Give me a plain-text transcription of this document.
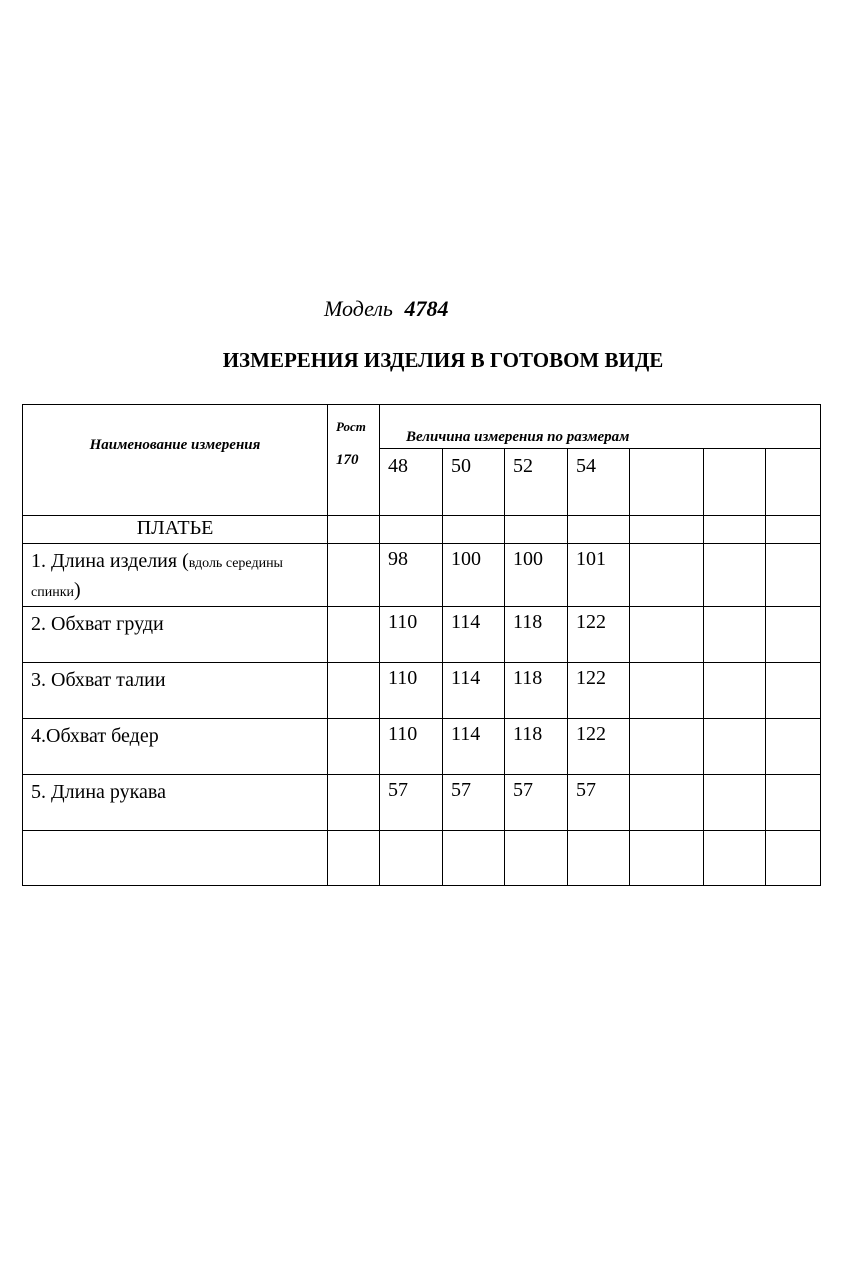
Модель 4784
ИЗМЕРЕНИЯ ИЗДЕЛИЯ В ГОТОВОМ ВИДЕ
Наименование измерения	Рост
170	Величина измерения по размерам						
		48	50	52	54			
ПЛАТЬЕ								
1. Длина изделия (вдоль середины спинки)		98	100	100	101			
2. Обхват груди		110	114	118	122			
3. Обхват талии		110	114	118	122			
4.Обхват бедер		110	114	118	122			
5. Длина рукава		57	57	57	57			
